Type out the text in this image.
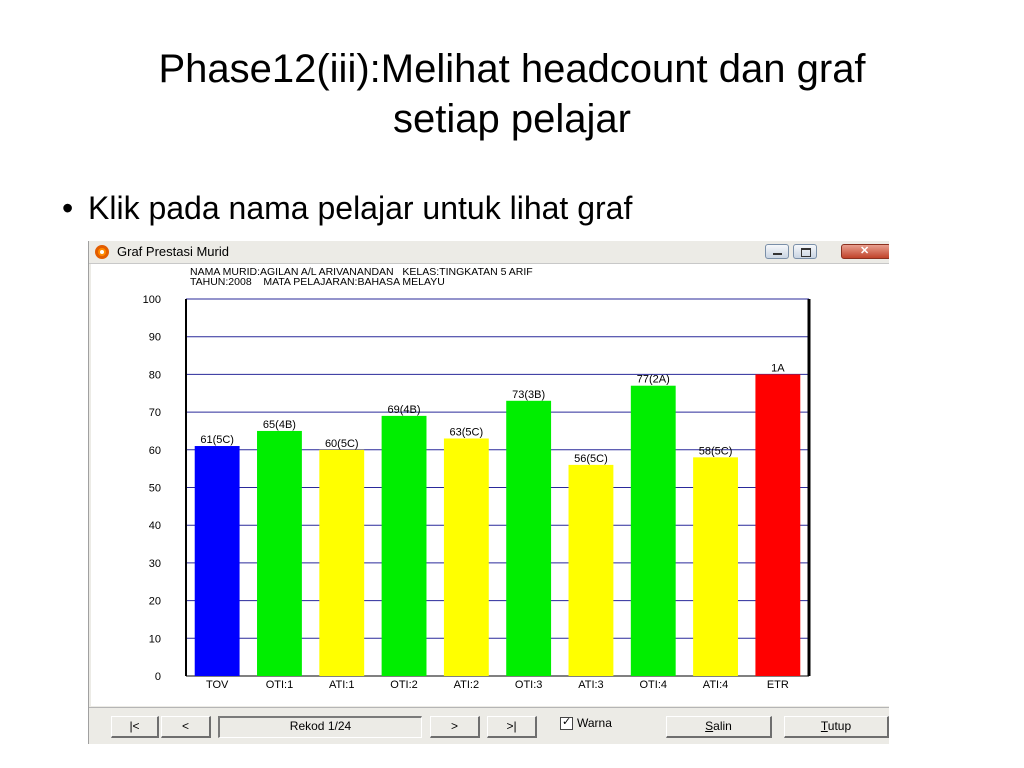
Phase12(iii):Melihat headcount dan graf
setiap pelajar
• Klik pada nama pelajar untuk lihat graf
Graf Prestasi Murid
✕
NAMA MURID:AGILAN A/L ARIVANANDAN   KELAS:TINGKATAN 5 ARIF
TAHUN:2008    MATA PELAJARAN:BAHASA MELAYU
0
10
20
30
40
50
60
70
80
90
100
61(5C)
TOV
65(4B)
OTI:1
60(5C)
ATI:1
69(4B)
OTI:2
63(5C)
ATI:2
73(3B)
OTI:3
56(5C)
ATI:3
77(2A)
OTI:4
58(5C)
ATI:4
1A
ETR
|<	<	Rekod 1/24	>	>| ✓	Warna	Salin	Tutup
